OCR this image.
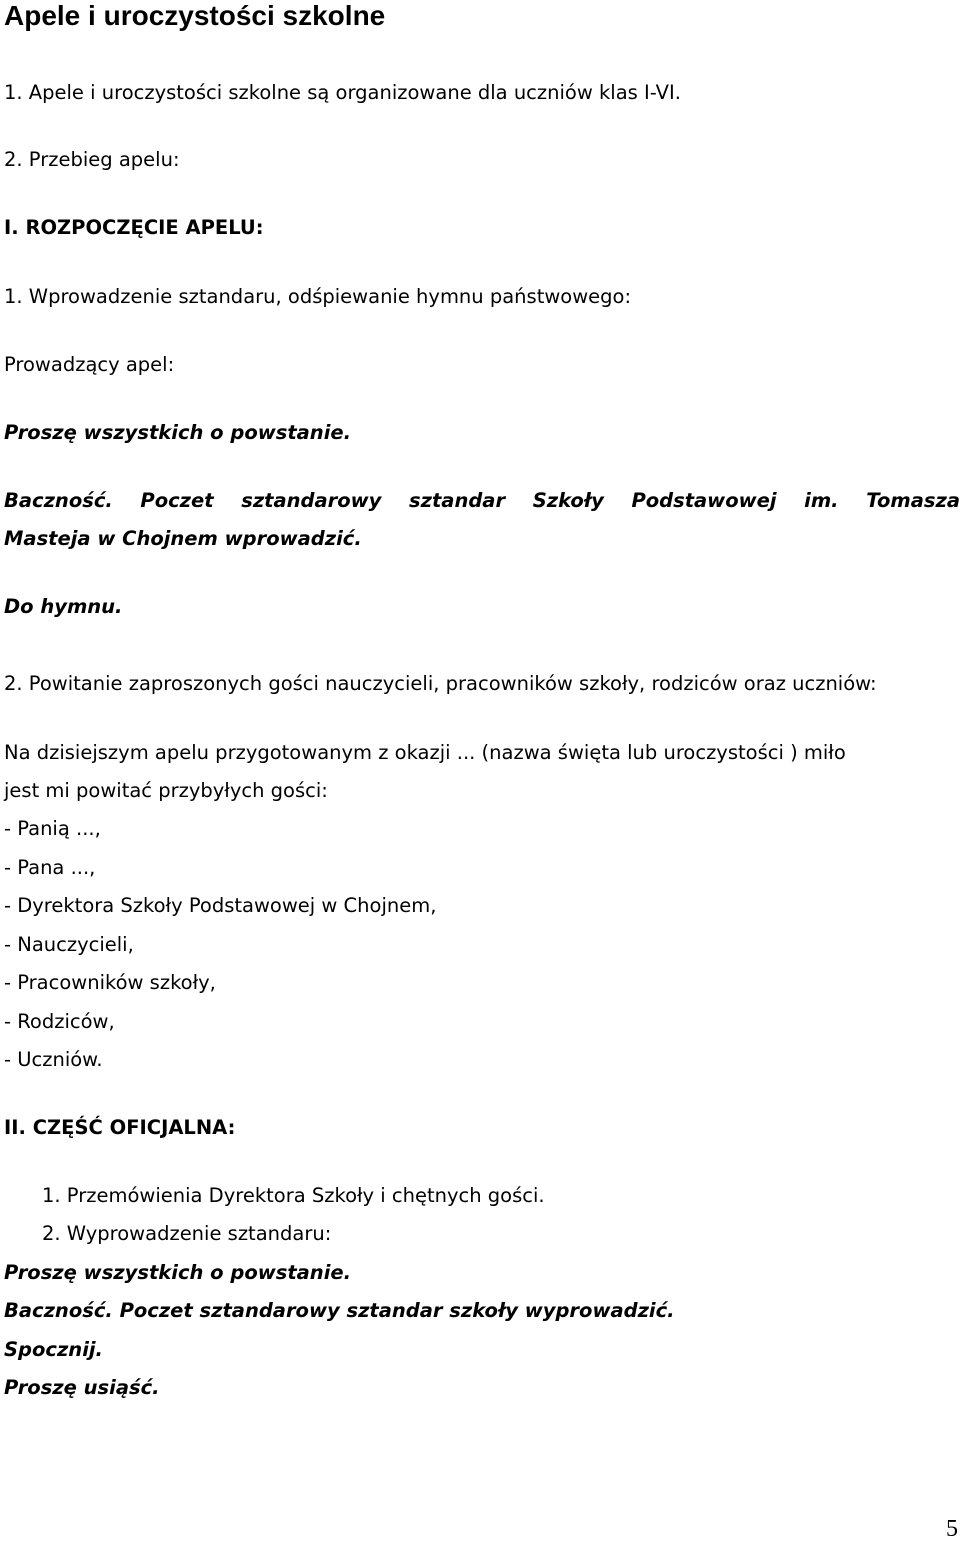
Apele i uroczystości szkolne
1. Apele i uroczystości szkolne są organizowane dla uczniów klas I-VI.
2. Przebieg apelu:
I. ROZPOCZĘCIE APELU:
1. Wprowadzenie sztandaru, odśpiewanie hymnu państwowego:
Prowadzący apel:
Proszę wszystkich o powstanie.
Baczność. Poczet sztandarowy sztandar Szkoły Podstawowej im. Tomasza
Masteja w Chojnem wprowadzić.
Do hymnu.
2. Powitanie zaproszonych gości nauczycieli, pracowników szkoły, rodziców oraz uczniów:
Na dzisiejszym apelu przygotowanym z okazji ... (nazwa święta lub uroczystości ) miło
jest mi powitać przybyłych gości:
- Panią ...,
- Pana ...,
- Dyrektora Szkoły Podstawowej w Chojnem,
- Nauczycieli,
- Pracowników szkoły,
- Rodziców,
- Uczniów.
II. CZĘŚĆ OFICJALNA:
1. Przemówienia Dyrektora Szkoły i chętnych gości.
2. Wyprowadzenie sztandaru:
Proszę wszystkich o powstanie.
Baczność. Poczet sztandarowy sztandar szkoły wyprowadzić.
Spocznij.
Proszę usiąść.
5
